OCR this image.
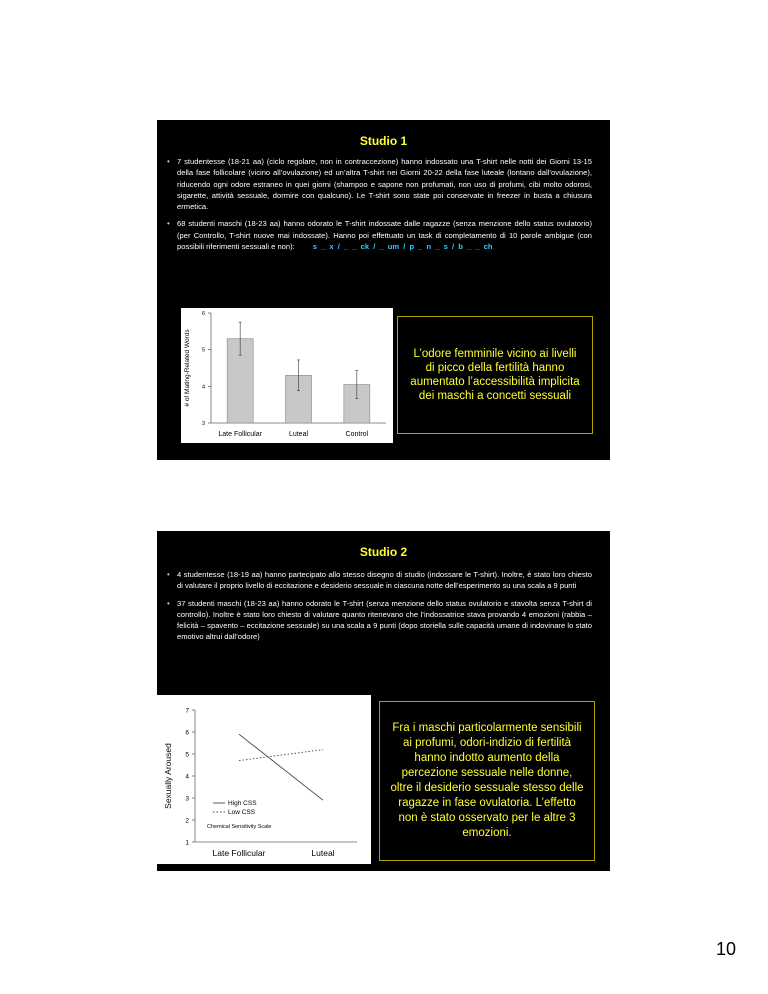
Studio 1
• 7 studentesse (18-21 aa) (ciclo regolare, non in contraccezione) hanno indossato una T-shirt nelle notti dei Giorni 13-15 della fase follicolare (vicino all’ovulazione) ed un’altra T-shirt nei Giorni 20-22 della fase luteale (lontano dall’ovulazione), riducendo ogni odore estraneo in quei giorni (shampoo e sapone non profumati, non uso di profumi, cibi molto odorosi, sigarette, attività sessuale, dormire con qualcuno). Le T-shirt sono state poi conservate in freezer in busta a chiusura ermetica.
• 68 studenti maschi (18-23 aa) hanno odorato le T-shirt indossate dalle ragazze (senza menzione dello status ovulatorio) (per Controllo, T-shirt nuove mai indossate). Hanno poi effettuato un task di completamento di 10 parole ambigue (con possibili riferimenti sessuali e non): s _ x / _ _ ck / _ um / p _ n _ s / b _ _ ch
3
4
5
6
# of Mating-Related Words
Late Follicular	Luteal	Control
L’odore femminile vicino ai livelli di picco della fertilità hanno aumentato l’accessibilità implicita dei maschi a concetti sessuali
Studio 2
• 4 studentesse (18-19 aa) hanno partecipato allo stesso disegno di studio (indossare le T-shirt). Inoltre, è stato loro chiesto di valutare il proprio livello di eccitazione e desiderio sessuale in ciascuna notte dell’esperimento su una scala a 9 punti
• 37 studenti maschi (18-23 aa) hanno odorato le T-shirt (senza menzione dello status ovulatorio e stavolta senza T-shirt di controllo). Inoltre è stato loro chiesto di valutare quanto ritenevano che l’indossatrice stava provando 4 emozioni (rabbia – felicità – spavento – eccitazione sessuale) su una scala a 9 punti (dopo storiella sulle capacità umane di indovinare lo stato emotivo altrui dall’odore)
1
2
3
4
5
6
7
Sexually Aroused
Late Follicular	Luteal
High CSS
Low CSS
Chemical Sensitivity Scale
Fra i maschi particolarmente sensibili ai profumi, odori-indizio di fertilità hanno indotto aumento della percezione sessuale nelle donne, oltre il desiderio sessuale stesso delle ragazze in fase ovulatoria. L’effetto non è stato osservato per le altre 3 emozioni.
10
